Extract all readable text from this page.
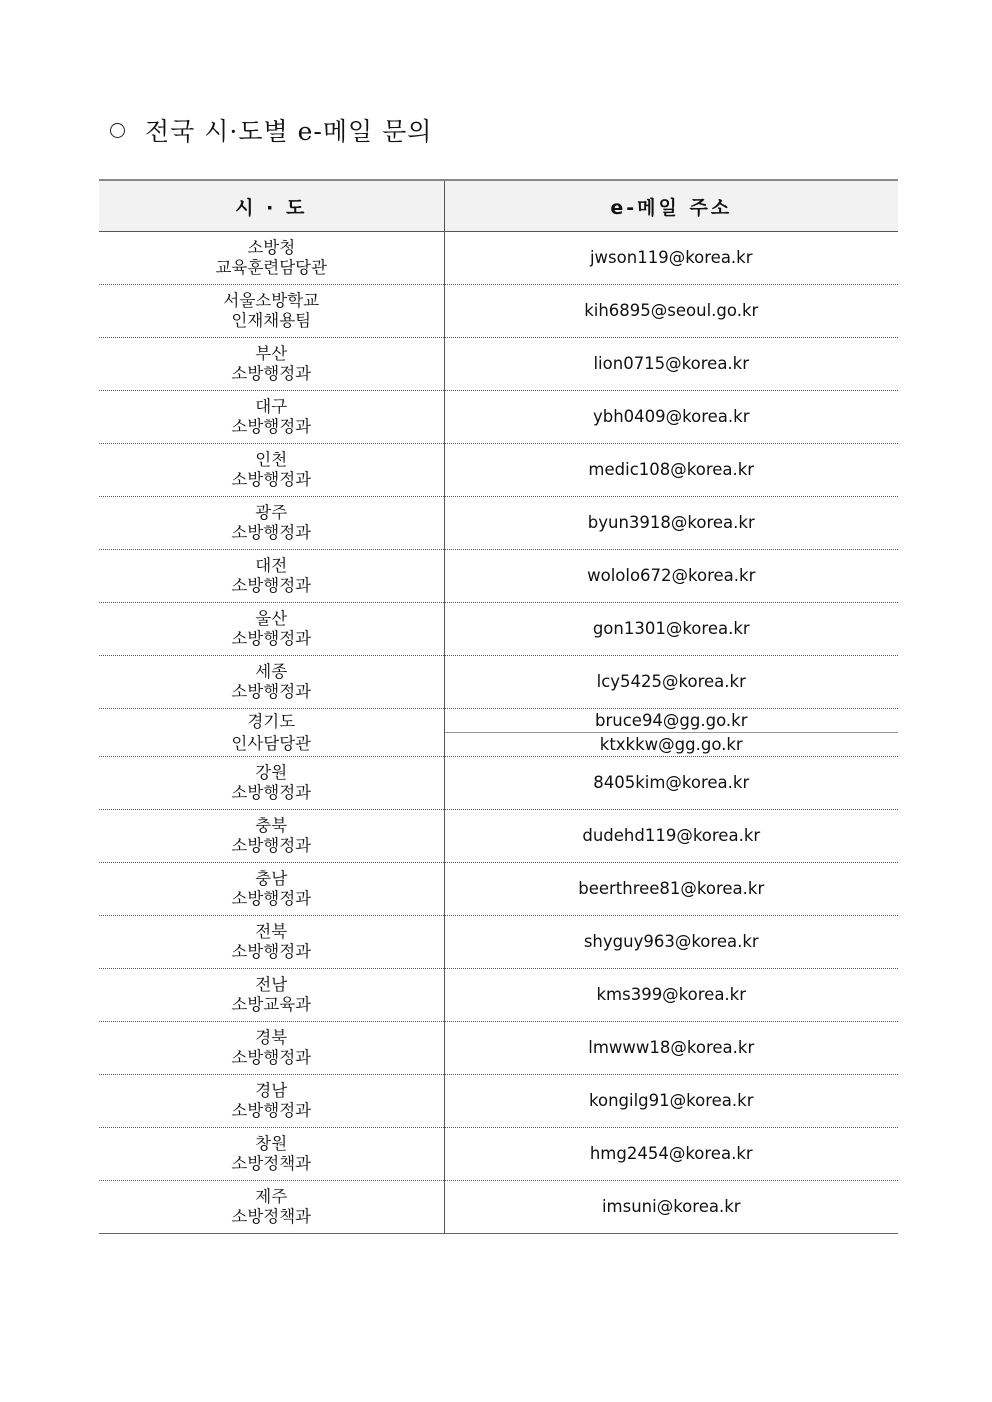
전국 시·도별 e-메일 문의
시 · 도	e-메일 주소

소방청
교육훈련담당관	jwson119@korea.kr

서울소방학교
인재채용팀	kih6895@seoul.go.kr

부산
소방행정과	lion0715@korea.kr

대구
소방행정과	ybh0409@korea.kr

인천
소방행정과	medic108@korea.kr

광주
소방행정과	byun3918@korea.kr

대전
소방행정과	wololo672@korea.kr

울산
소방행정과	gon1301@korea.kr

세종
소방행정과	lcy5425@korea.kr

경기도
인사담당관	bruce94@gg.go.kr
	ktxkkw@gg.go.kr

강원
소방행정과	8405kim@korea.kr

충북
소방행정과	dudehd119@korea.kr

충남
소방행정과	beerthree81@korea.kr

전북
소방행정과	shyguy963@korea.kr

전남
소방교육과	kms399@korea.kr

경북
소방행정과	lmwww18@korea.kr

경남
소방행정과	kongilg91@korea.kr

창원
소방정책과	hmg2454@korea.kr

제주
소방정책과	imsuni@korea.kr
